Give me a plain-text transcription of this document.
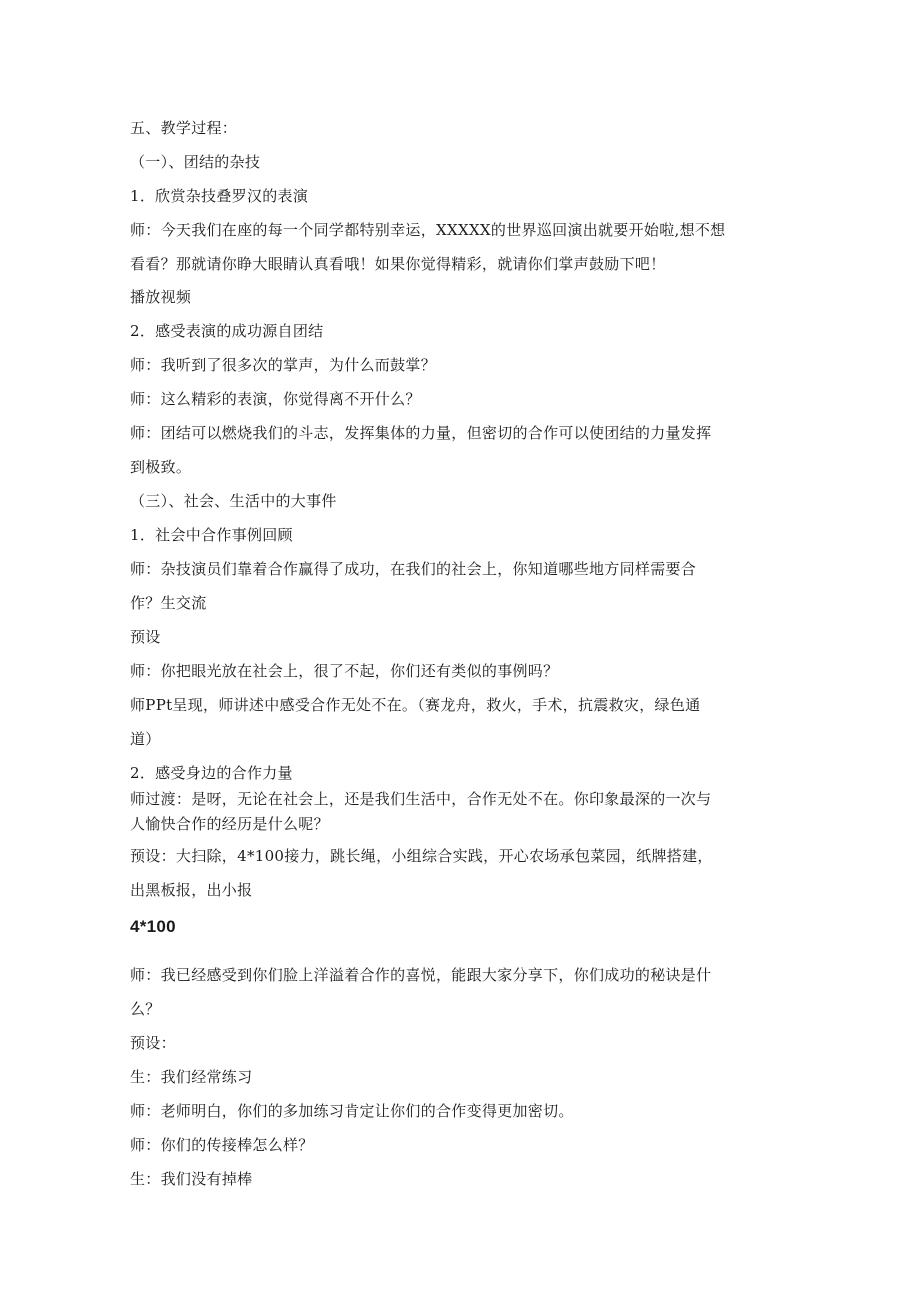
五、教学过程：
（一）、团结的杂技
1．欣赏杂技叠罗汉的表演
师：今天我们在座的每一个同学都特别幸运，XXXXX的世界巡回演出就要开始啦,想不想
看看？那就请你睁大眼睛认真看哦！如果你觉得精彩，就请你们掌声鼓励下吧！
播放视频
2．感受表演的成功源自团结
师：我听到了很多次的掌声，为什么而鼓掌？
师：这么精彩的表演，你觉得离不开什么？
师：团结可以燃烧我们的斗志，发挥集体的力量，但密切的合作可以使团结的力量发挥
到极致。
（三）、社会、生活中的大事件
1．社会中合作事例回顾
师：杂技演员们靠着合作赢得了成功，在我们的社会上，你知道哪些地方同样需要合
作？生交流
预设
师：你把眼光放在社会上，很了不起，你们还有类似的事例吗？
师PPt呈现，师讲述中感受合作无处不在。（赛龙舟，救火，手术，抗震救灾，绿色通
道）
2．感受身边的合作力量
师过渡：是呀，无论在社会上，还是我们生活中，合作无处不在。你印象最深的一次与
人愉快合作的经历是什么呢？
预设：大扫除，4*100接力，跳长绳，小组综合实践，开心农场承包菜园，纸牌搭建，
出黑板报，出小报
4*100
师：我已经感受到你们脸上洋溢着合作的喜悦，能跟大家分享下，你们成功的秘诀是什
么？
预设：
生：我们经常练习
师：老师明白，你们的多加练习肯定让你们的合作变得更加密切。
师：你们的传接棒怎么样？
生：我们没有掉棒
